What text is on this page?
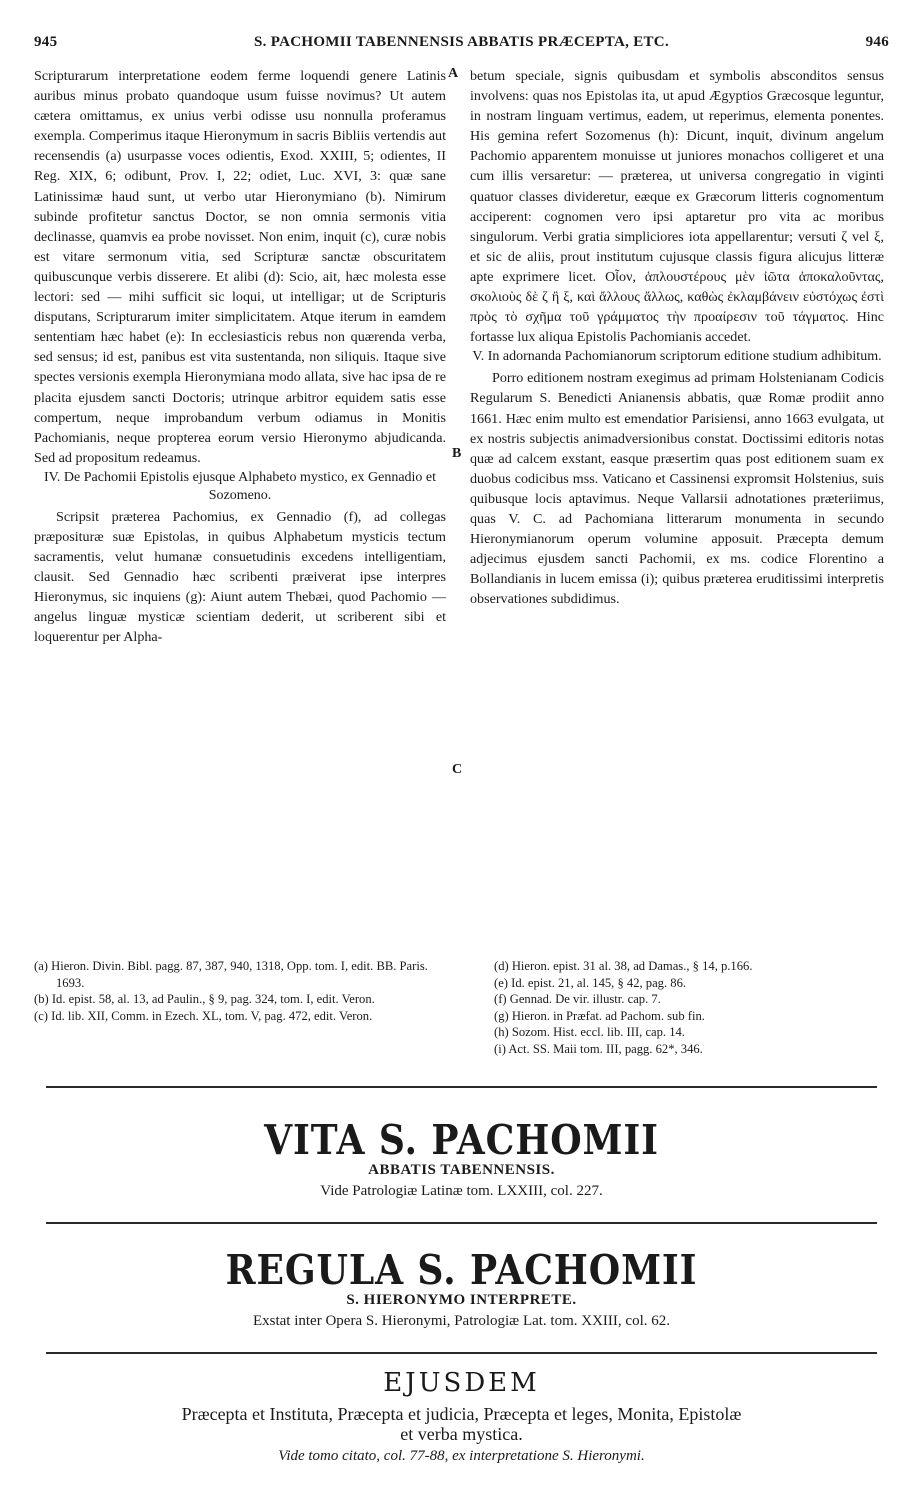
945	S. PACHOMII TABENNENSIS ABBATIS PRÆCEPTA, ETC.	946

Scripturarum interpretatione eodem ferme loquendi genere Latinis auribus minus probato quandoque usum fuisse novimus? Ut autem cætera omittamus, ex unius verbi odisse usu nonnulla proferamus exempla. Comperimus itaque Hieronymum in sacris Bibliis vertendis aut recensendis (a) usurpasse voces odientis, Exod. XXIII, 5; odientes, II Reg. XIX, 6; odibunt, Prov. I, 22; odiet, Luc. XVI, 3: quæ sane Latinissimæ haud sunt, ut verbo utar Hieronymiano (b). Nimirum subinde profitetur sanctus Doctor, se non omnia sermonis vitia declinasse, quamvis ea probe novisset. Non enim, inquit (c), curæ nobis est vitare sermonum vitia, sed Scripturæ sanctæ obscuritatem quibuscunque verbis disserere. Et alibi (d): Scio, ait, hæc molesta esse lectori: sed — mihi sufficit sic loqui, ut intelligar; ut de Scripturis disputans, Scripturarum imiter simplicitatem. Atque iterum in eamdem sententiam hæc habet (e): In ecclesiasticis rebus non quærenda verba, sed sensus; id est, panibus est vita sustentanda, non siliquis. Itaque sive spectes versionis exempla Hieronymiana modo allata, sive hac ipsa de re placita ejusdem sancti Doctoris; utrinque arbitror equidem satis esse compertum, neque improbandum verbum odiamus in Monitis Pachomianis, neque propterea eorum versio Hieronymo abjudicanda. Sed ad propositum redeamus.

IV. De Pachomii Epistolis ejusque Alphabeto mystico, ex Gennadio et Sozomeno.

Scripsit præterea Pachomius, ex Gennadio (f), ad collegas præposituræ suæ Epistolas, in quibus Alphabetum mysticis tectum sacramentis, velut humanæ consuetudinis excedens intelligentiam, clausit. Sed Gennadio hæc scribenti præiverat ipse interpres Hieronymus, sic inquiens (g): Aiunt autem Thebæi, quod Pachomio — angelus linguæ mysticæ scientiam dederit, ut scriberent sibi et loquerentur per Alpha-

betum speciale, signis quibusdam et symbolis absconditos sensus involvens: quas nos Epistolas ita, ut apud Ægyptios Græcosque leguntur, in nostram linguam vertimus, eadem, ut reperimus, elementa ponentes. His gemina refert Sozomenus (h): Dicunt, inquit, divinum angelum Pachomio apparentem monuisse ut juniores monachos colligeret et una cum illis versaretur: — præterea, ut universa congregatio in viginti quatuor classes divideretur, eæque ex Græcorum litteris cognomentum acciperent: cognomen vero ipsi aptaretur pro vita ac moribus singulorum. Verbi gratia simpliciores iota appellarentur; versuti ζ vel ξ, et sic de aliis, prout institutum cujusque classis figura alicujus litteræ apte exprimere licet. Οἷον, ἁπλουστέρους μὲν ἰῶτα ἀποκαλοῦντας, σκολιοὺς δὲ ζ ἢ ξ, καὶ ἄλλους ἄλλως, καθὼς ἐκλαμβάνειν εὐστόχως ἐστὶ πρὸς τὸ σχῆμα τοῦ γράμματος τὴν προαίρεσιν τοῦ τάγματος. Hinc fortasse lux aliqua Epistolis Pachomianis accedet.

V. In adornanda Pachomianorum scriptorum editione studium adhibitum.

Porro editionem nostram exegimus ad primam Holstenianam Codicis Regularum S. Benedicti Anianensis abbatis, quæ Romæ prodiit anno 1661. Hæc enim multo est emendatior Parisiensi, anno 1663 evulgata, ut ex nostris subjectis animadversionibus constat. Doctissimi editoris notas quæ ad calcem exstant, easque præsertim quas post editionem suam ex duobus codicibus mss. Vaticano et Cassinensi expromsit Holstenius, suis quibusque locis aptavimus. Neque Vallarsii adnotationes præteriimus, quas V. C. ad Pachomiana litterarum monumenta in secundo Hieronymianorum operum volumine apposuit. Præcepta demum adjecimus ejusdem sancti Pachomii, ex ms. codice Florentino a Bollandianis in lucem emissa (i); quibus præterea eruditissimi interpretis observationes subdidimus.

A
B
C

(a) Hieron. Divin. Bibl. pagg. 87, 387, 940, 1318, Opp. tom. I, edit. BB. Paris. 1693.

(b) Id. epist. 58, al. 13, ad Paulin., § 9, pag. 324, tom. I, edit. Veron.

(c) Id. lib. XII, Comm. in Ezech. XL, tom. V, pag. 472, edit. Veron.

(d) Hieron. epist. 31 al. 38, ad Damas., § 14, p.166.

(e) Id. epist. 21, al. 145, § 42, pag. 86.

(f) Gennad. De vir. illustr. cap. 7.

(g) Hieron. in Præfat. ad Pachom. sub fin.

(h) Sozom. Hist. eccl. lib. III, cap. 14.

(i) Act. SS. Maii tom. III, pagg. 62*, 346.

VITA S. PACHOMII
ABBATIS TABENNENSIS.
Vide Patrologiæ Latinæ tom. LXXIII, col. 227.
REGULA S. PACHOMII
S. HIERONYMO INTERPRETE.
Exstat inter Opera S. Hieronymi, Patrologiæ Lat. tom. XXIII, col. 62.
EJUSDEM
Præcepta et Instituta, Præcepta et judicia, Præcepta et leges, Monita, Epistolæ
et verba mystica.
Vide tomo citato, col. 77-88, ex interpretatione S. Hieronymi.
